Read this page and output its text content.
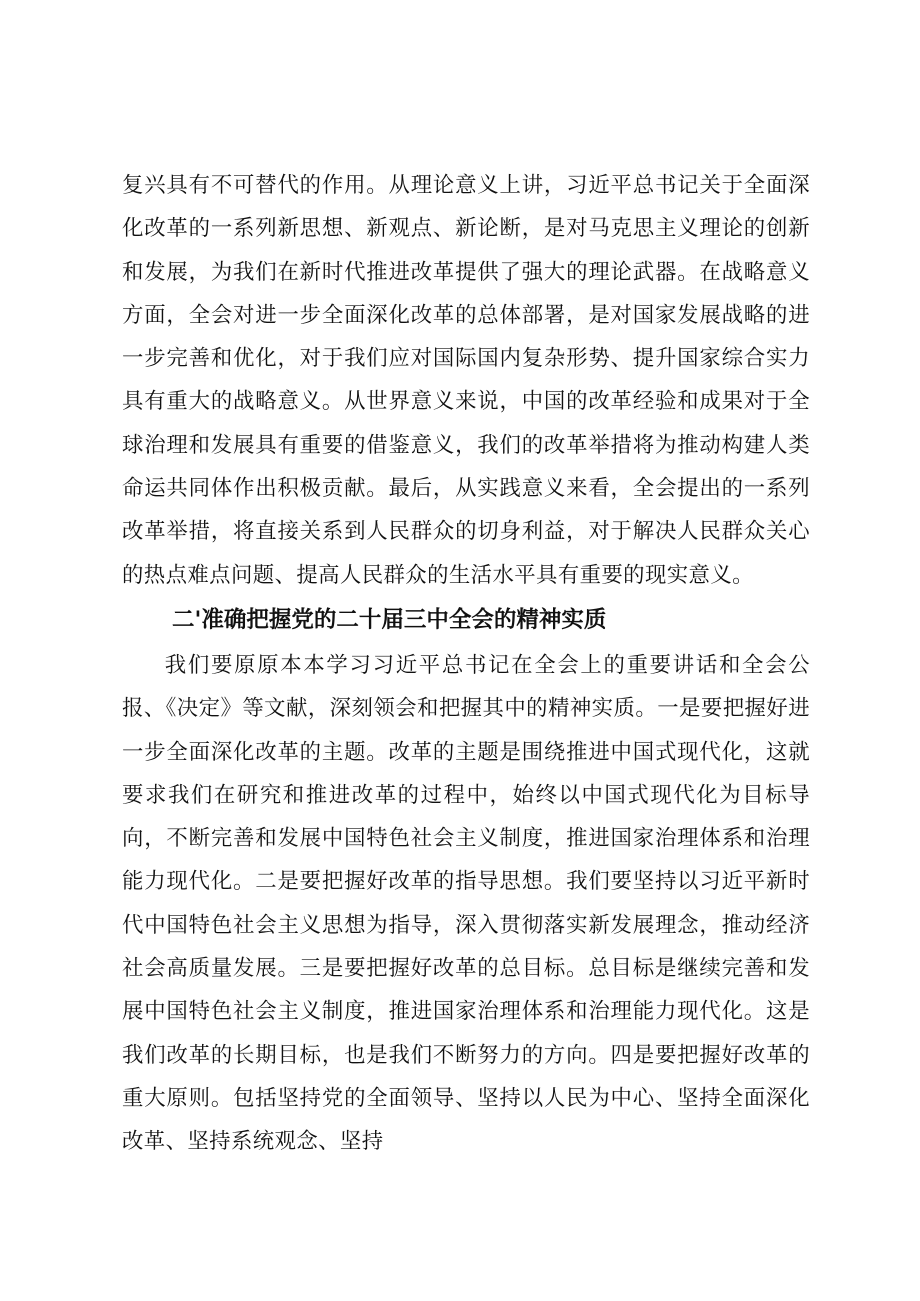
复兴具有不可替代的作用。从理论意义上讲，习近平总书记关于全面深化改革的一系列新思想、新观点、新论断，是对马克思主义理论的创新和发展，为我们在新时代推进改革提供了强大的理论武器。在战略意义方面，全会对进一步全面深化改革的总体部署，是对国家发展战略的进一步完善和优化，对于我们应对国际国内复杂形势、提升国家综合实力具有重大的战略意义。从世界意义来说，中国的改革经验和成果对于全球治理和发展具有重要的借鉴意义，我们的改革举措将为推动构建人类命运共同体作出积极贡献。最后，从实践意义来看，全会提出的一系列改革举措，将直接关系到人民群众的切身利益，对于解决人民群众关心的热点难点问题、提高人民群众的生活水平具有重要的现实意义。

二'准确把握党的二十届三中全会的精神实质

我们要原原本本学习习近平总书记在全会上的重要讲话和全会公报、《决定》等文献，深刻领会和把握其中的精神实质。一是要把握好进一步全面深化改革的主题。改革的主题是围绕推进中国式现代化，这就要求我们在研究和推进改革的过程中，始终以中国式现代化为目标导向，不断完善和发展中国特色社会主义制度，推进国家治理体系和治理能力现代化。二是要把握好改革的指导思想。我们要坚持以习近平新时代中国特色社会主义思想为指导，深入贯彻落实新发展理念，推动经济社会高质量发展。三是要把握好改革的总目标。总目标是继续完善和发展中国特色社会主义制度，推进国家治理体系和治理能力现代化。这是我们改革的长期目标，也是我们不断努力的方向。四是要把握好改革的重大原则。包括坚持党的全面领导、坚持以人民为中心、坚持全面深化改革、坚持系统观念、坚持
